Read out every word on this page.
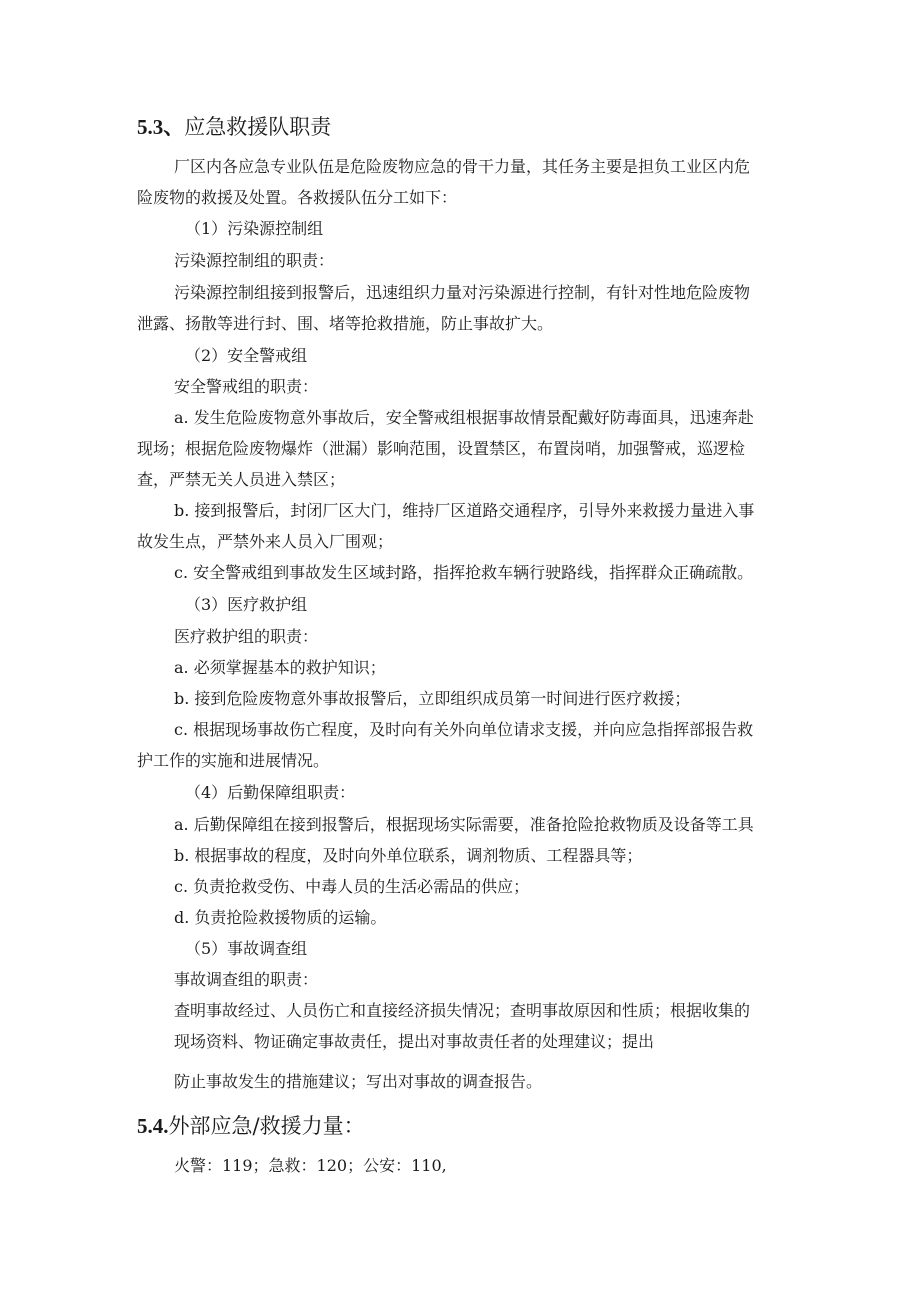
5.3、应急救援队职责
厂区内各应急专业队伍是危险废物应急的骨干力量，其任务主要是担负工业区内危
险废物的救援及处置。各救援队伍分工如下：
（1）污染源控制组
污染源控制组的职责：
污染源控制组接到报警后，迅速组织力量对污染源进行控制，有针对性地危险废物
泄露、扬散等进行封、围、堵等抢救措施，防止事故扩大。
（2）安全警戒组
安全警戒组的职责：
a. 发生危险废物意外事故后，安全警戒组根据事故情景配戴好防毒面具，迅速奔赴
现场；根据危险废物爆炸（泄漏）影响范围，设置禁区，布置岗哨，加强警戒，巡逻检
查，严禁无关人员进入禁区；
b. 接到报警后，封闭厂区大门，维持厂区道路交通程序，引导外来救援力量进入事
故发生点，严禁外来人员入厂围观；
c. 安全警戒组到事故发生区域封路，指挥抢救车辆行驶路线，指挥群众正确疏散。
（3）医疗救护组
医疗救护组的职责：
a. 必须掌握基本的救护知识；
b. 接到危险废物意外事故报警后，立即组织成员第一时间进行医疗救援；
c. 根据现场事故伤亡程度，及时向有关外向单位请求支援，并向应急指挥部报告救
护工作的实施和进展情况。
（4）后勤保障组职责：
a. 后勤保障组在接到报警后，根据现场实际需要，准备抢险抢救物质及设备等工具
b. 根据事故的程度，及时向外单位联系，调剂物质、工程器具等；
c. 负责抢救受伤、中毒人员的生活必需品的供应；
d. 负责抢险救援物质的运输。
（5）事故调查组
事故调查组的职责：
查明事故经过、人员伤亡和直接经济损失情况；查明事故原因和性质；根据收集的
现场资料、物证确定事故责任，提出对事故责任者的处理建议；提出
防止事故发生的措施建议；写出对事故的调查报告。
5.4.外部应急/救援力量：
火警：119；急救：120；公安：110,
